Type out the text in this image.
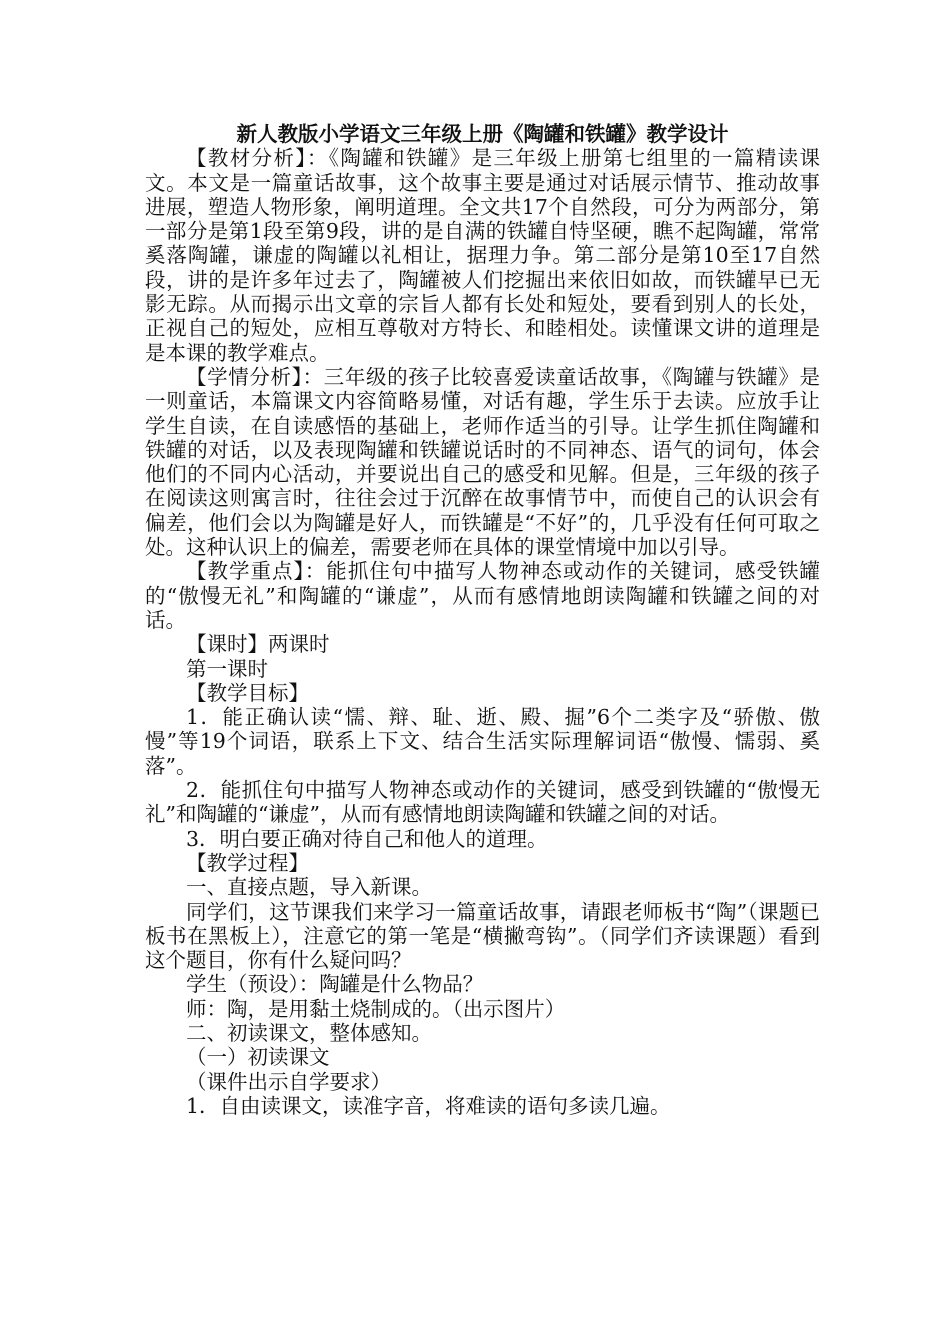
新人教版小学语文三年级上册《陶罐和铁罐》教学设计

【教材分析】：《陶罐和铁罐》是三年级上册第七组里的一篇精读课文。本文是一篇童话故事，这个故事主要是通过对话展示情节、推动故事进展，塑造人物形象，阐明道理。全文共17个自然段，可分为两部分，第一部分是第1段至第9段，讲的是自满的铁罐自恃坚硬，瞧不起陶罐，常常奚落陶罐，谦虚的陶罐以礼相让，据理力争。第二部分是第10至17自然段，讲的是许多年过去了，陶罐被人们挖掘出来依旧如故，而铁罐早已无影无踪。从而揭示出文章的宗旨人都有长处和短处，要看到别人的长处，正视自己的短处，应相互尊敬对方特长、和睦相处。读懂课文讲的道理是是本课的教学难点。

【学情分析】：三年级的孩子比较喜爱读童话故事，《陶罐与铁罐》是一则童话，本篇课文内容简略易懂，对话有趣，学生乐于去读。应放手让学生自读，在自读感悟的基础上，老师作适当的引导。让学生抓住陶罐和铁罐的对话，以及表现陶罐和铁罐说话时的不同神态、语气的词句，体会他们的不同内心活动，并要说出自己的感受和见解。但是，三年级的孩子在阅读这则寓言时，往往会过于沉醉在故事情节中，而使自己的认识会有偏差，他们会以为陶罐是好人，而铁罐是“不好”的，几乎没有任何可取之处。这种认识上的偏差，需要老师在具体的课堂情境中加以引导。

【教学重点】：能抓住句中描写人物神态或动作的关键词，感受铁罐的“傲慢无礼”和陶罐的“谦虚”，从而有感情地朗读陶罐和铁罐之间的对话。

【课时】两课时

第一课时

【教学目标】

1．能正确认读“懦、辩、耻、逝、殿、掘”6个二类字及“骄傲、傲慢”等19个词语，联系上下文、结合生活实际理解词语“傲慢、懦弱、奚落”。

2．能抓住句中描写人物神态或动作的关键词，感受到铁罐的“傲慢无礼”和陶罐的“谦虚”，从而有感情地朗读陶罐和铁罐之间的对话。

3．明白要正确对待自己和他人的道理。

【教学过程】

一、直接点题，导入新课。

同学们，这节课我们来学习一篇童话故事，请跟老师板书“陶”（课题已板书在黑板上），注意它的第一笔是“横撇弯钩”。（同学们齐读课题）看到这个题目，你有什么疑问吗？

学生（预设）：陶罐是什么物品？

师：陶，是用黏土烧制成的。（出示图片）

二、初读课文，整体感知。

（一）初读课文

（课件出示自学要求）

1．自由读课文，读准字音，将难读的语句多读几遍。
